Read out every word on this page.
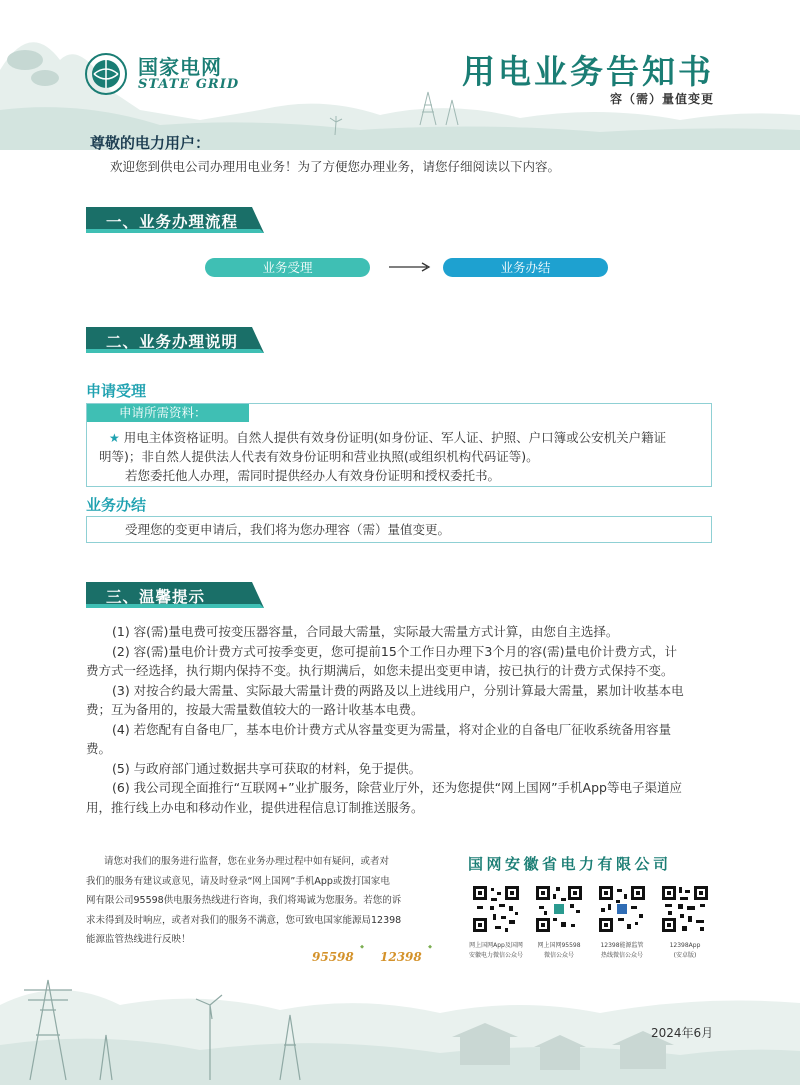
国家电网
STATE GRID	用电业务告知书
容（需）量值变更
尊敬的电力用户：
欢迎您到供电公司办理用电业务！为了方便您办理业务，请您仔细阅读以下内容。
一、业务办理流程
业务受理	业务办结
二、业务办理说明
申请受理
申请所需资料：
★ 用电主体资格证明。自然人提供有效身份证明(如身份证、军人证、护照、户口簿或公安机关户籍证
明等)；非自然人提供法人代表有效身份证明和营业执照(或组织机构代码证等)。
若您委托他人办理，需同时提供经办人有效身份证明和授权委托书。
业务办结
受理您的变更申请后，我们将为您办理容（需）量值变更。
三、温馨提示

(1) 容(需)量电费可按变压器容量，合同最大需量，实际最大需量方式计算，由您自主选择。

(2) 容(需)量电价计费方式可按季变更，您可提前15个工作日办理下3个月的容(需)量电价计费方式，计

费方式一经选择，执行期内保持不变。执行期满后，如您未提出变更申请，按已执行的计费方式保持不变。

(3) 对按合约最大需量、实际最大需量计费的两路及以上进线用户，分别计算最大需量，累加计收基本电

费；互为备用的，按最大需量数值较大的一路计收基本电费。

(4) 若您配有自备电厂，基本电价计费方式从容量变更为需量，将对企业的自备电厂征收系统备用容量

费。

(5) 与政府部门通过数据共享可获取的材料，免于提供。

(6) 我公司现全面推行“互联网+”业扩服务，除营业厅外，还为您提供“网上国网”手机App等电子渠道应

用，推行线上办电和移动作业，提供进程信息订制推送服务。

请您对我们的服务进行监督，您在业务办理过程中如有疑问，或者对

我们的服务有建议或意见，请及时登录“网上国网”手机App或拨打国家电

网有限公司95598供电服务热线进行咨询，我们将竭诚为您服务。若您的诉

求未得到及时响应，或者对我们的服务不满意，您可致电国家能源局12398

能源监管热线进行反映！

◆
95598
◆
12398
国网安徽省电力有限公司
网上国网App及国网
安徽电力微信公众号
网上国网95598
微信公众号
12398能源监管
热线微信公众号
12398App
(安卓版)
2024年6月
